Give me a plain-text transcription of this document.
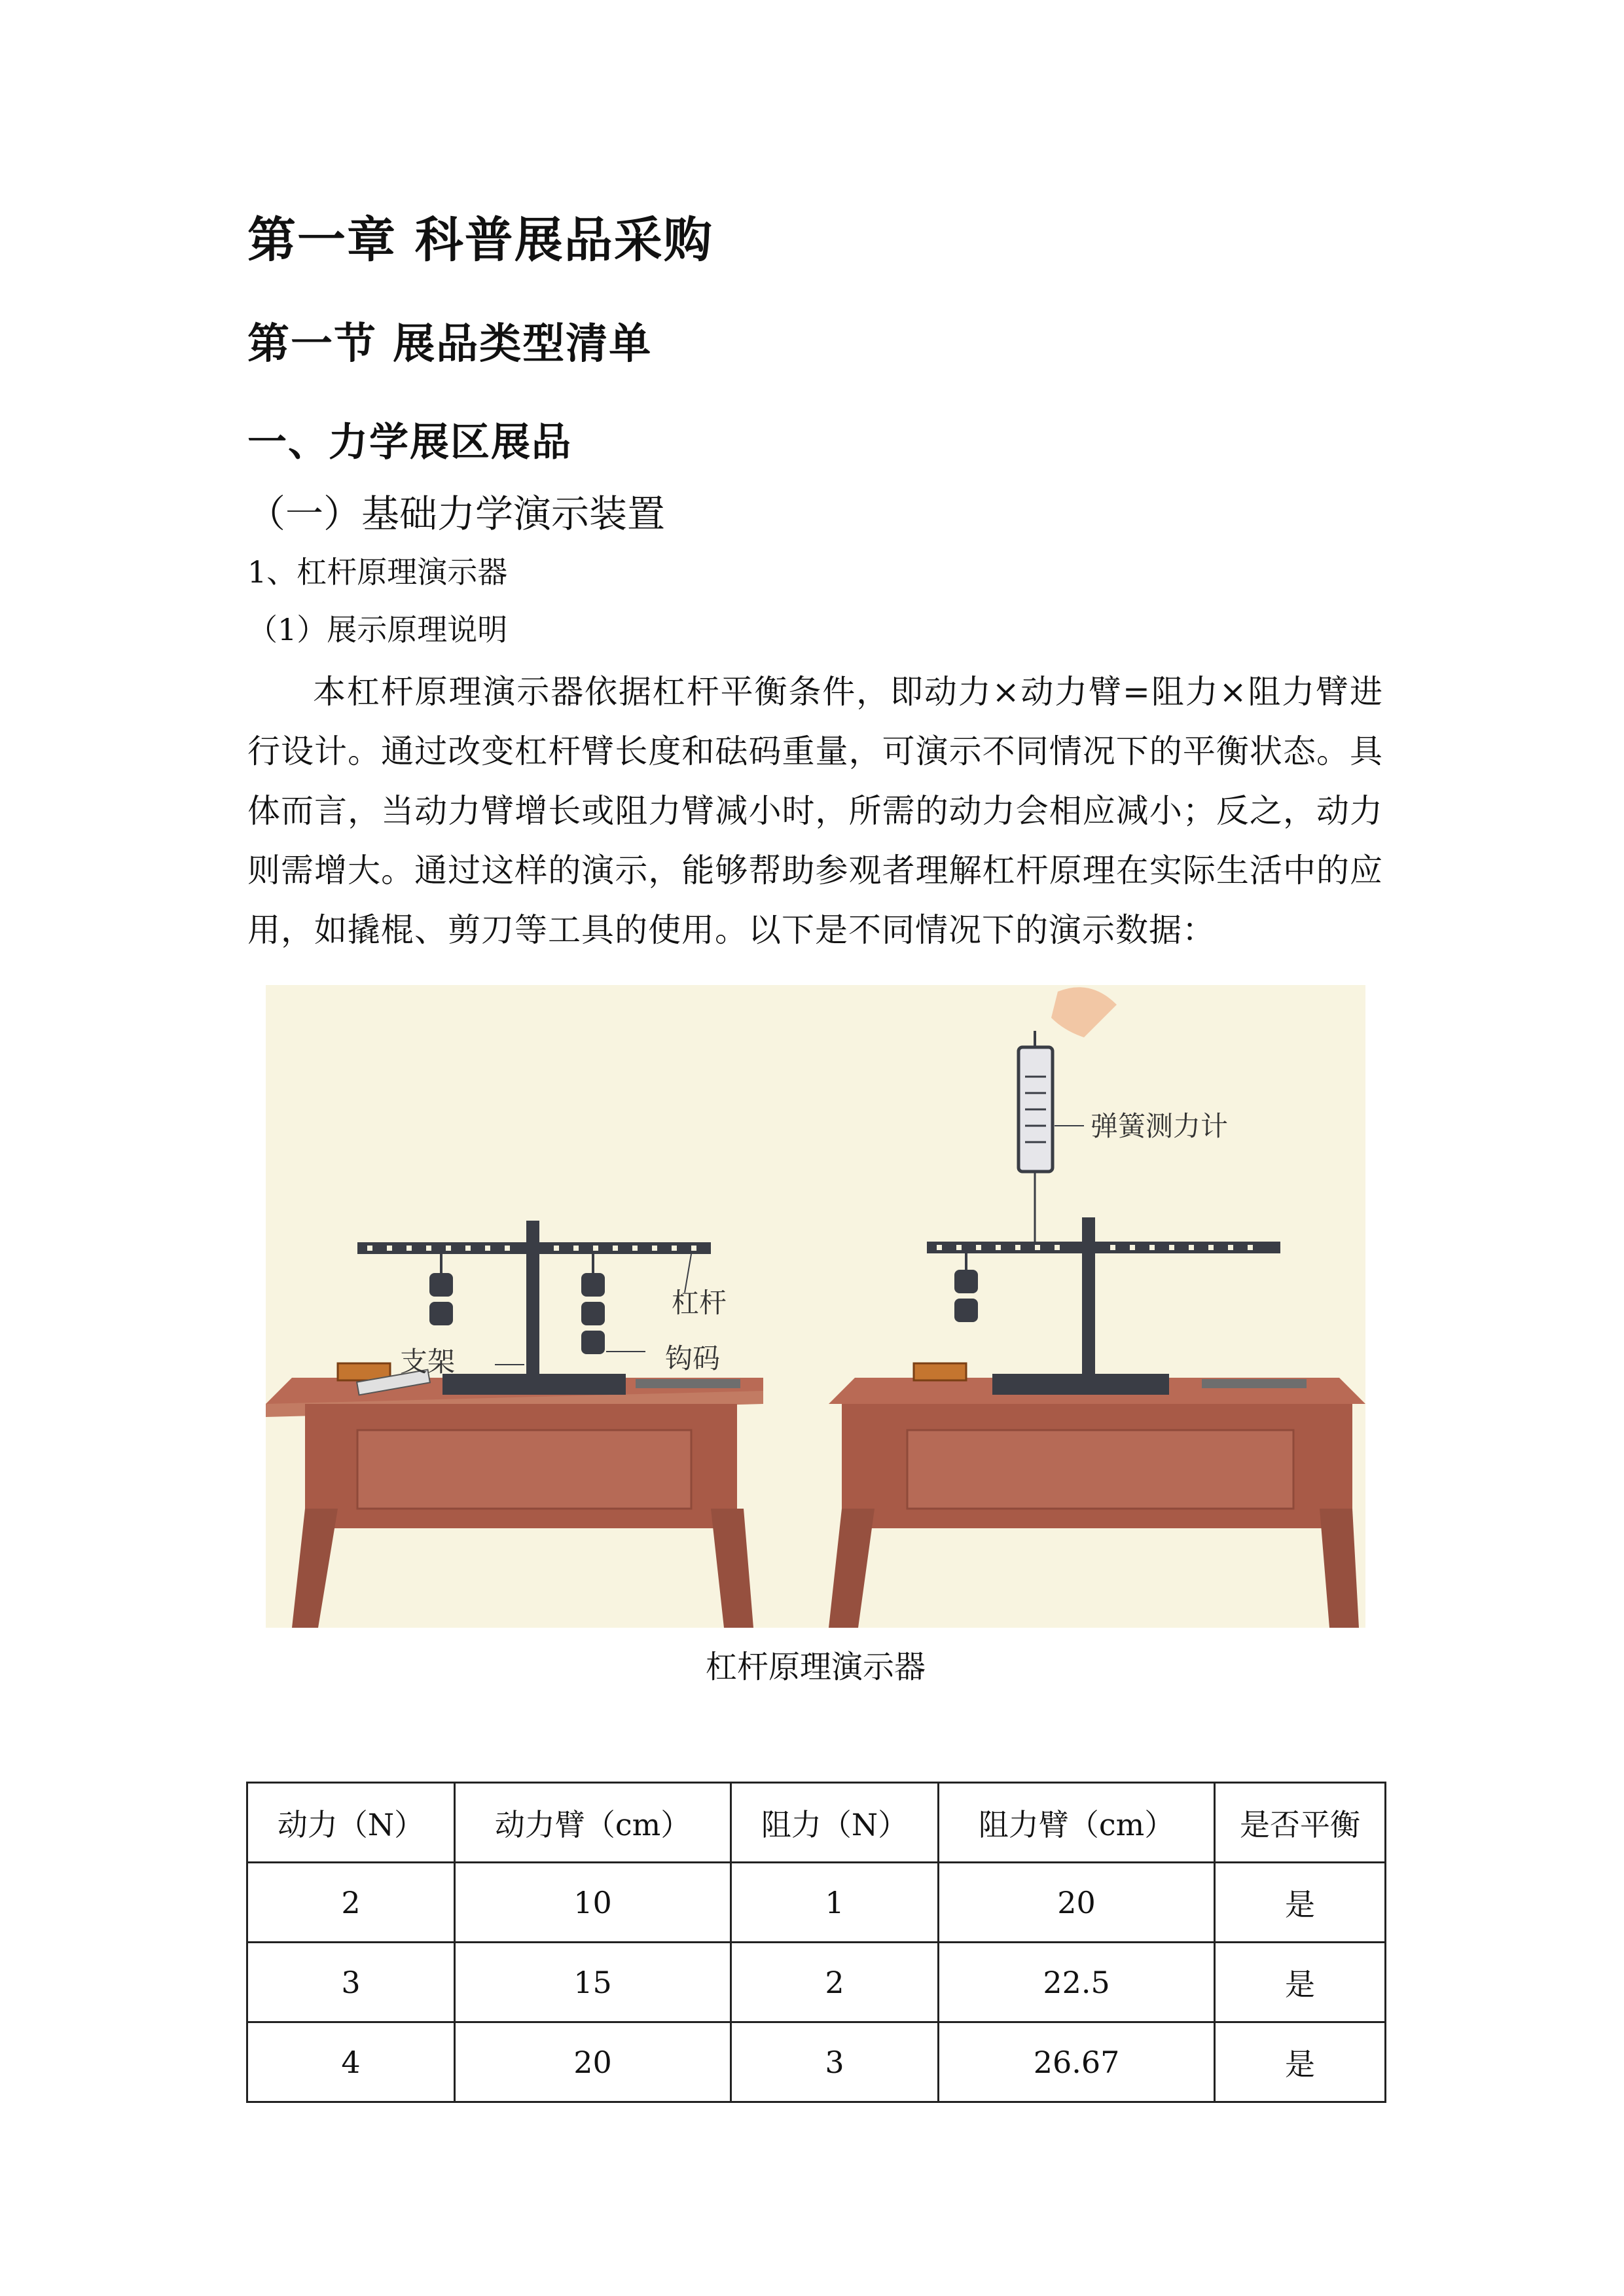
第一章 科普展品采购
第一节 展品类型清单
一、力学展区展品
（一）基础力学演示装置
1、杠杆原理演示器
（1）展示原理说明
本杠杆原理演示器依据杠杆平衡条件，即动力×动力臂=阻力×阻力臂进行设计。通过改变杠杆臂长度和砝码重量，可演示不同情况下的平衡状态。具体而言，当动力臂增长或阻力臂减小时，所需的动力会相应减小；反之，动力则需增大。通过这样的演示，能够帮助参观者理解杠杆原理在实际生活中的应用，如撬棍、剪刀等工具的使用。以下是不同情况下的演示数据：
杠杆
钩码
支架
弹簧测力计
杠杆原理演示器
动力（N）	动力臂（cm）	阻力（N）	阻力臂（cm）	是否平衡
2	10	1	20	是
3	15	2	22.5	是
4	20	3	26.67	是
